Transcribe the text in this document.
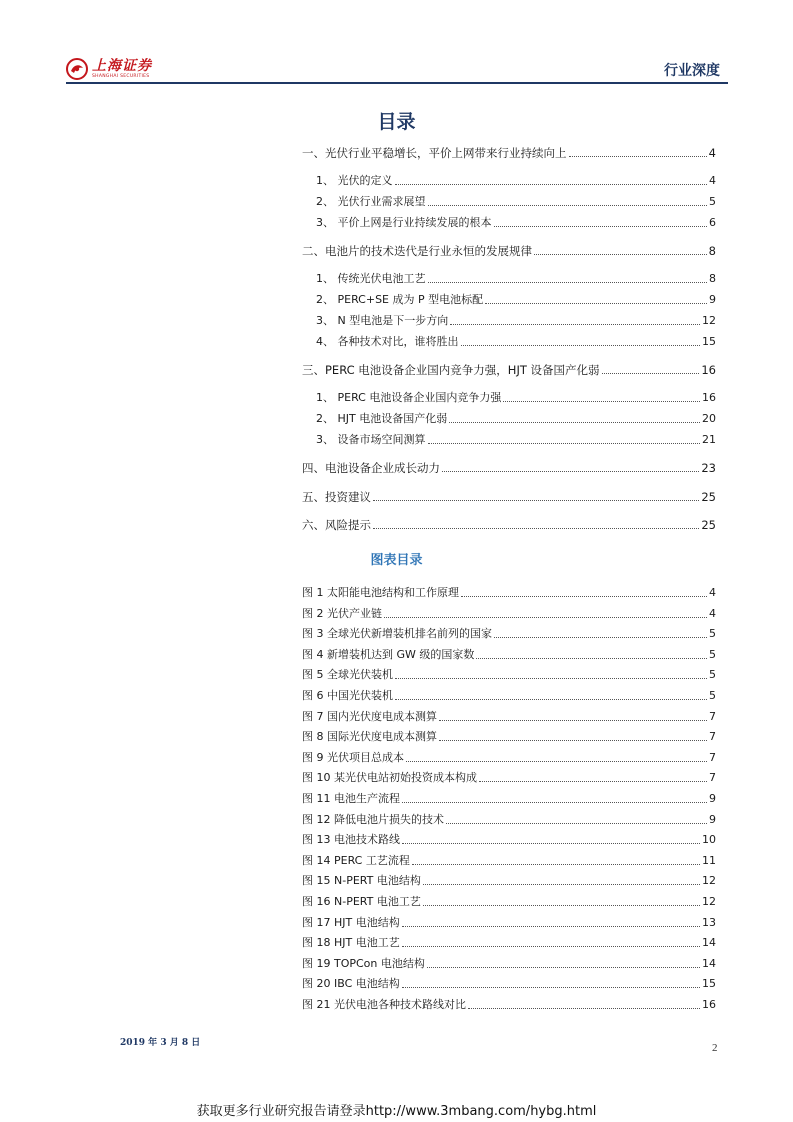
上海证券
SHANGHAI SECURITIES	行业深度
目录
一、光伏行业平稳增长，平价上网带来行业持续向上	4
1、 光伏的定义	4
2、 光伏行业需求展望	5
3、 平价上网是行业持续发展的根本	6
二、电池片的技术迭代是行业永恒的发展规律	8
1、 传统光伏电池工艺	8
2、 PERC+SE 成为 P 型电池标配	9
3、 N 型电池是下一步方向	12
4、 各种技术对比，谁将胜出	15
三、PERC 电池设备企业国内竞争力强，HJT 设备国产化弱	16
1、 PERC 电池设备企业国内竞争力强	16
2、 HJT 电池设备国产化弱	20
3、 设备市场空间测算	21
四、电池设备企业成长动力	23
五、投资建议	25
六、风险提示	25
图表目录
图 1 太阳能电池结构和工作原理	4
图 2 光伏产业链	4
图 3 全球光伏新增装机排名前列的国家	5
图 4 新增装机达到 GW 级的国家数	5
图 5 全球光伏装机	5
图 6 中国光伏装机	5
图 7 国内光伏度电成本测算	7
图 8 国际光伏度电成本测算	7
图 9 光伏项目总成本	7
图 10 某光伏电站初始投资成本构成	7
图 11 电池生产流程	9
图 12 降低电池片损失的技术	9
图 13 电池技术路线	10
图 14 PERC 工艺流程	11
图 15 N-PERT 电池结构	12
图 16 N-PERT 电池工艺	12
图 17 HJT 电池结构	13
图 18 HJT 电池工艺	14
图 19 TOPCon 电池结构	14
图 20 IBC 电池结构	15
图 21 光伏电池各种技术路线对比	16
2019 年 3 月 8 日	2
获取更多行业研究报告请登录http://www.3mbang.com/hybg.html
